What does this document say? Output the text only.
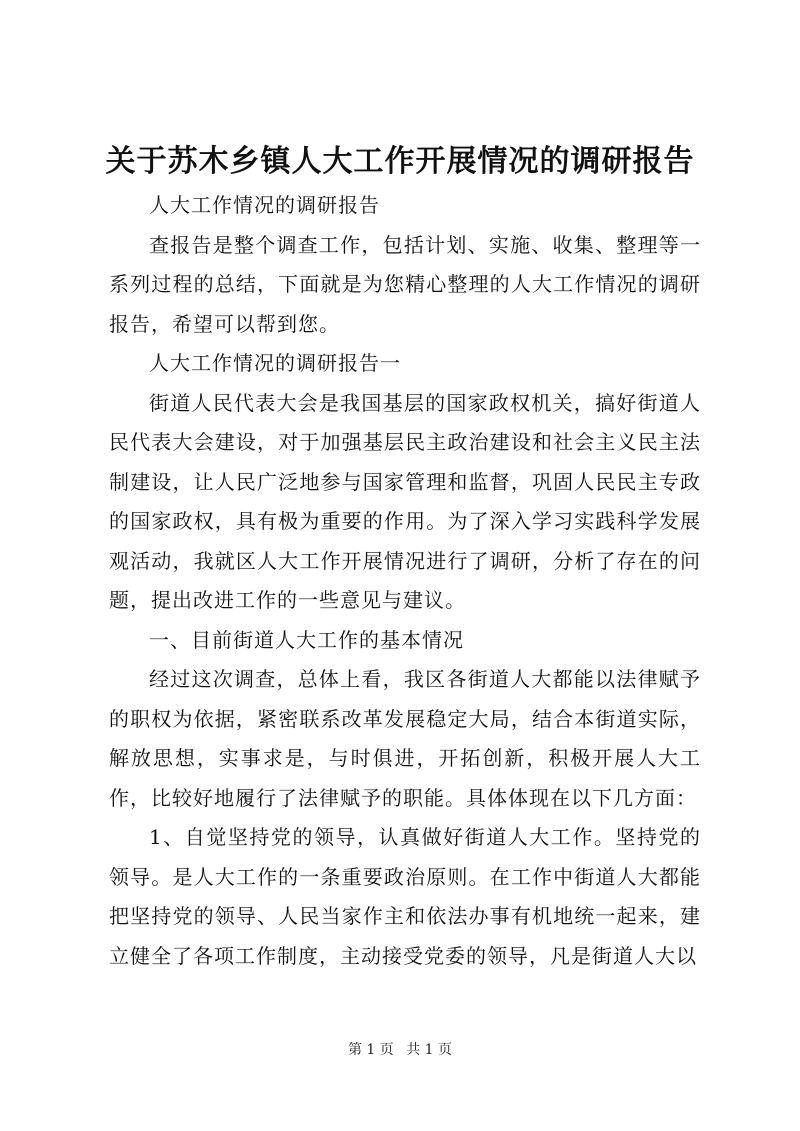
关于苏木乡镇人大工作开展情况的调研报告

人大工作情况的调研报告

查报告是整个调查工作，包括计划、实施、收集、整理等一系列过程的总结，下面就是为您精心整理的人大工作情况的调研报告，希望可以帮到您。

人大工作情况的调研报告一

街道人民代表大会是我国基层的国家政权机关，搞好街道人民代表大会建设，对于加强基层民主政治建设和社会主义民主法制建设，让人民广泛地参与国家管理和监督，巩固人民民主专政的国家政权，具有极为重要的作用。为了深入学习实践科学发展观活动，我就区人大工作开展情况进行了调研，分析了存在的问题，提出改进工作的一些意见与建议。

一、目前街道人大工作的基本情况

经过这次调查，总体上看，我区各街道人大都能以法律赋予的职权为依据，紧密联系改革发展稳定大局，结合本街道实际，解放思想，实事求是，与时俱进，开拓创新，积极开展人大工作，比较好地履行了法律赋予的职能。具体体现在以下几方面：

1、自觉坚持党的领导，认真做好街道人大工作。坚持党的领导。是人大工作的一条重要政治原则。在工作中街道人大都能把坚持党的领导、人民当家作主和依法办事有机地统一起来，建立健全了各项工作制度，主动接受党委的领导，凡是街道人大以

第 1 页 共 1 页
